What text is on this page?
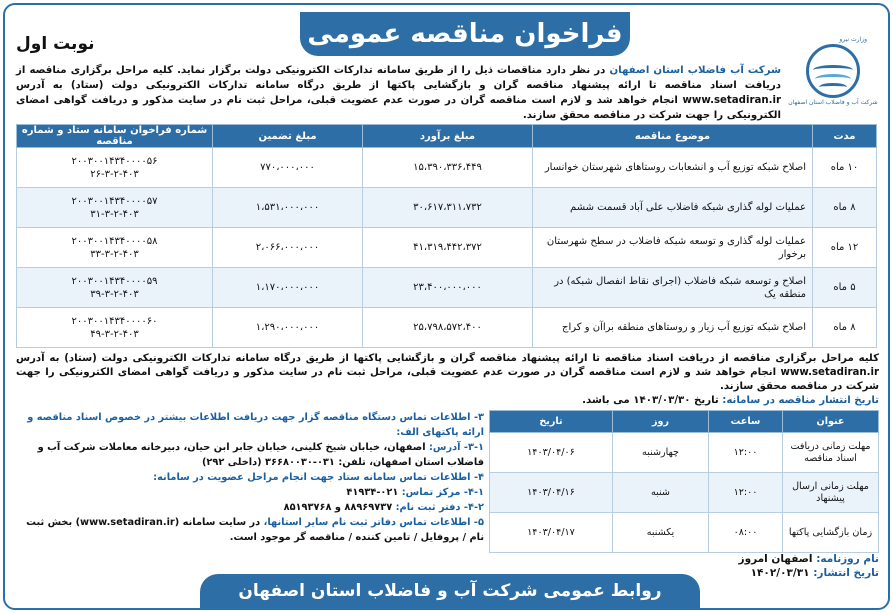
فراخوان مناقصه عمومی
نوبت اول	وزارت نیرو
شرکت آب و فاضلاب استان اصفهان
شرکت آب فاضلاب استان اصفهان در نظر دارد مناقصات ذیل را از طریق سامانه تدارکات الکترونیکی دولت برگزار نماید. کلیه مراحل برگزاری مناقصه از دریافت اسناد مناقصه تا ارائه پیشنهاد مناقصه گران و بازگشایی پاکتها از طریق درگاه سامانه تدارکات الکترونیکی دولت (ستاد) به آدرس www.setadiran.ir انجام خواهد شد و لازم است مناقصه گران در صورت عدم عضویت قبلی، مراحل ثبت نام در سایت مذکور و دریافت گواهی امضای الکترونیکی را جهت شرکت در مناقصه محقق سازند.
مدت	موضوع مناقصه	مبلغ برآورد	مبلغ تضمین	شماره فراخوان سامانه ستاد و شماره مناقصه
۱۰ ماه	اصلاح شبکه توزیع آب و انشعابات روستاهای شهرستان خوانسار	۱۵،۳۹۰،۳۳۶،۴۴۹	۷۷۰،۰۰۰،۰۰۰	۲۰۰۳۰۰۱۴۳۴۰۰۰۰۵۶
۲۶-۳-۲-۴۰۳

۸ ماه	عملیات لوله گذاری شبکه فاضلاب علی آباد قسمت ششم	۳۰،۶۱۷،۳۱۱،۷۳۲	۱،۵۳۱،۰۰۰،۰۰۰	۲۰۰۳۰۰۱۴۳۴۰۰۰۰۵۷
۳۱-۳-۲-۴۰۳

۱۲ ماه	عملیات لوله گذاری و توسعه شبکه فاضلاب در سطح شهرستان برخوار	۴۱،۳۱۹،۴۴۲،۳۷۲	۲،۰۶۶،۰۰۰،۰۰۰	۲۰۰۳۰۰۱۴۳۴۰۰۰۰۵۸
۳۳-۳-۲-۴۰۳

۵ ماه	اصلاح و توسعه شبکه فاضلاب (اجرای نقاط انفصال شبکه) در منطقه یک	۲۳،۴۰۰،۰۰۰،۰۰۰	۱،۱۷۰،۰۰۰،۰۰۰	۲۰۰۳۰۰۱۴۳۴۰۰۰۰۵۹
۳۹-۳-۲-۴۰۳

۸ ماه	اصلاح شبکه توزیع آب زیار و روستاهای منطقه براآن و کراج	۲۵،۷۹۸،۵۷۲،۴۰۰	۱،۲۹۰،۰۰۰،۰۰۰	۲۰۰۳۰۰۱۴۳۴۰۰۰۰۶۰
۴۹-۳-۲-۴۰۳
کلیه مراحل برگزاری مناقصه از دریافت اسناد مناقصه تا ارائه پیشنهاد مناقصه گران و بازگشایی پاکتها از طریق درگاه سامانه تدارکات الکترونیکی دولت (ستاد) به آدرس www.setadiran.ir انجام خواهد شد و لازم است مناقصه گران در صورت عدم عضویت قبلی، مراحل ثبت نام در سایت مذکور و دریافت گواهی امضای الکترونیکی را جهت شرکت در مناقصه محقق سازند.
تاریخ انتشار مناقصه در سامانه: تاریخ ۱۴۰۳/۰۳/۳۰ می باشد.
عنوان	ساعت	روز	تاریخ
مهلت زمانی دریافت اسناد مناقصه	۱۲:۰۰	چهارشنبه	۱۴۰۳/۰۴/۰۶
مهلت زمانی ارسال پیشنهاد	۱۲:۰۰	شنبه	۱۴۰۳/۰۴/۱۶
زمان بازگشایی پاکتها	۰۸:۰۰	یکشنبه	۱۴۰۳/۰۴/۱۷
۳- اطلاعات تماس دستگاه مناقصه گزار جهت دریافت اطلاعات بیشتر در خصوص اسناد مناقصه و ارائه پاکتهای الف:
۳-۱- آدرس: اصفهان، خیابان شیخ کلینی، خیابان جابر ابن حیان، دبیرخانه معاملات شرکت آب و فاضلاب استان اصفهان، تلفن: ۰۳۱-۳۶۶۸۰۰۳۰ (داخلی ۲۹۲)
۴- اطلاعات تماس سامانه ستاد جهت انجام مراحل عضویت در سامانه:
۴-۱- مرکز تماس: ۰۲۱-۴۱۹۳۴
۴-۲- دفتر ثبت نام: ۸۸۹۶۹۷۳۷ و ۸۵۱۹۳۷۶۸
۵- اطلاعات تماس دفاتر ثبت نام سایر استانها، در سایت سامانه (www.setadiran.ir) بخش ثبت نام / پروفایل / تامین کننده / مناقصه گر موجود است.
نام روزنامه: اصفهان امروز
تاریخ انتشار: ۱۴۰۲/۰۳/۳۱
روابط عمومی شرکت آب و فاضلاب استان اصفهان
